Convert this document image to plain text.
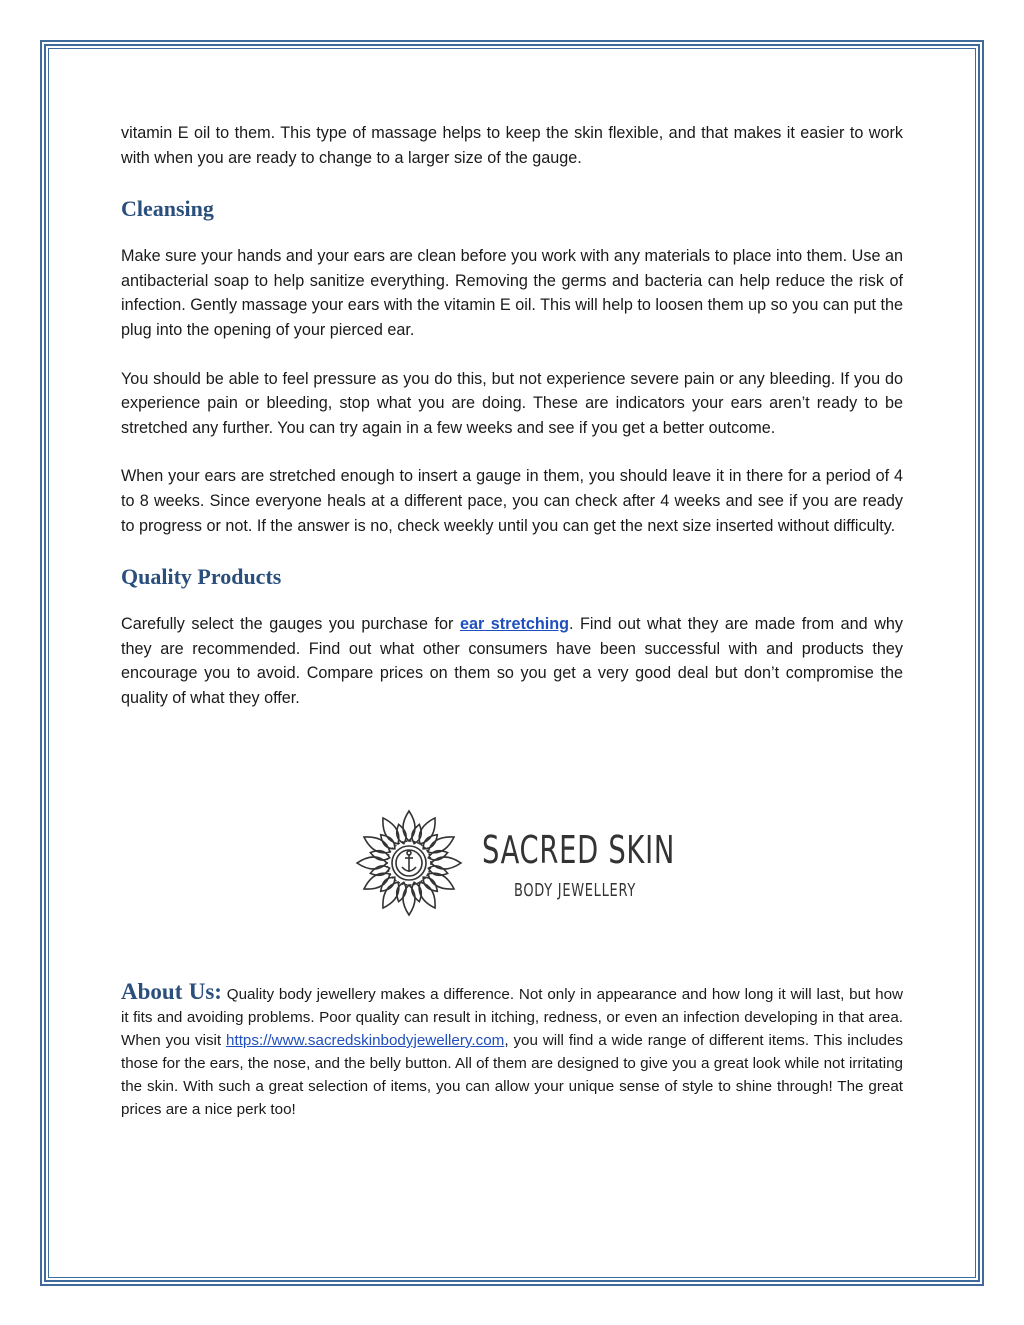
vitamin E oil to them. This type of massage helps to keep the skin flexible, and that makes it easier to work with when you are ready to change to a larger size of the gauge.

Cleansing

Make sure your hands and your ears are clean before you work with any materials to place into them. Use an antibacterial soap to help sanitize everything. Removing the germs and bacteria can help reduce the risk of infection. Gently massage your ears with the vitamin E oil. This will help to loosen them up so you can put the plug into the opening of your pierced ear.

You should be able to feel pressure as you do this, but not experience severe pain or any bleeding. If you do experience pain or bleeding, stop what you are doing. These are indicators your ears aren’t ready to be stretched any further. You can try again in a few weeks and see if you get a better outcome.

When your ears are stretched enough to insert a gauge in them, you should leave it in there for a period of 4 to 8 weeks. Since everyone heals at a different pace, you can check after 4 weeks and see if you are ready to progress or not. If the answer is no, check weekly until you can get the next size inserted without difficulty.

Quality Products

Carefully select the gauges you purchase for ear stretching. Find out what they are made from and why they are recommended. Find out what other consumers have been successful with and products they encourage you to avoid. Compare prices on them so you get a very good deal but don’t compromise the quality of what they offer.

SACRED SKIN
BODY JEWELLERY
About Us: Quality body jewellery makes a difference. Not only in appearance and how long it will last, but how it fits and avoiding problems. Poor quality can result in itching, redness, or even an infection developing in that area. When you visit https://www.sacredskinbodyjewellery.com, you will find a wide range of different items. This includes those for the ears, the nose, and the belly button. All of them are designed to give you a great look while not irritating the skin. With such a great selection of items, you can allow your unique sense of style to shine through! The great prices are a nice perk too!
